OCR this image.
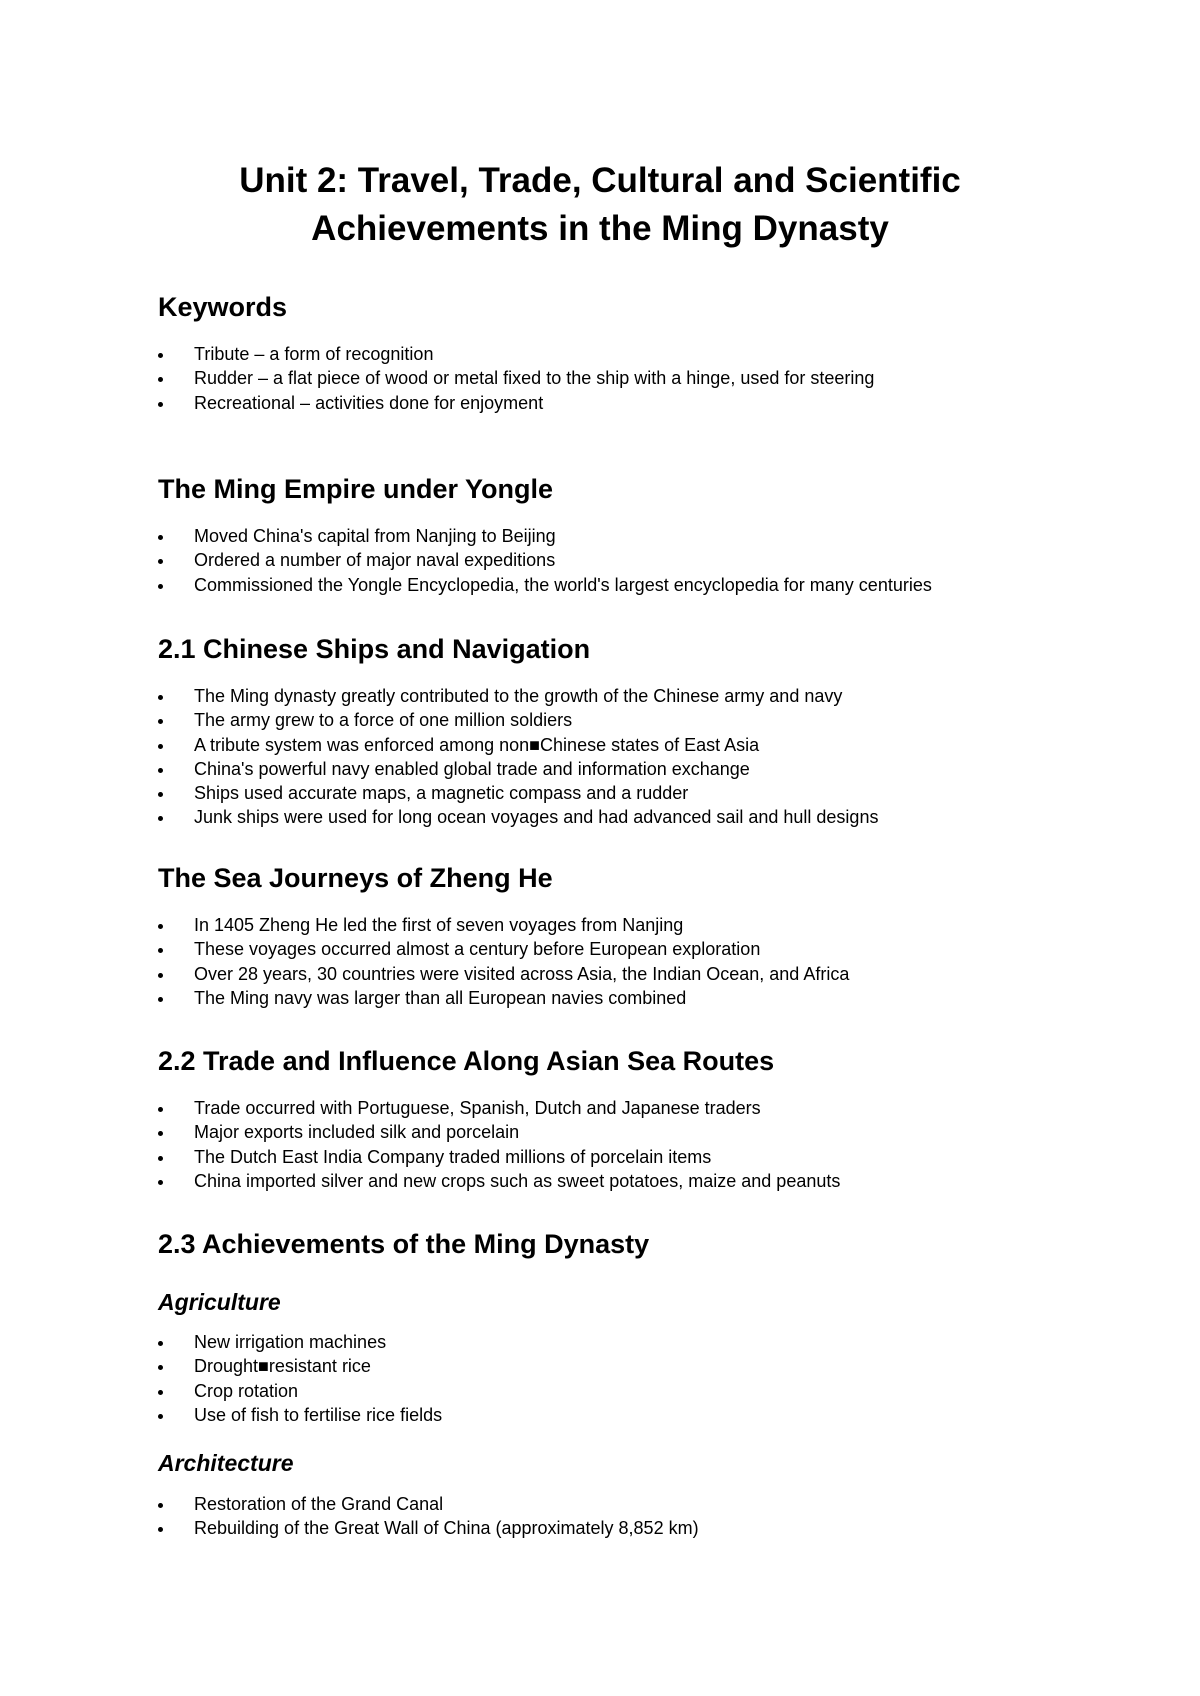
Unit 2: Travel, Trade, Cultural and Scientific
Achievements in the Ming Dynasty
Keywords
Tribute – a form of recognition
Rudder – a flat piece of wood or metal fixed to the ship with a hinge, used for steering
Recreational – activities done for enjoyment
The Ming Empire under Yongle
Moved China's capital from Nanjing to Beijing
Ordered a number of major naval expeditions
Commissioned the Yongle Encyclopedia, the world's largest encyclopedia for many centuries
2.1 Chinese Ships and Navigation
The Ming dynasty greatly contributed to the growth of the Chinese army and navy
The army grew to a force of one million soldiers
A tribute system was enforced among non■Chinese states of East Asia
China's powerful navy enabled global trade and information exchange
Ships used accurate maps, a magnetic compass and a rudder
Junk ships were used for long ocean voyages and had advanced sail and hull designs
The Sea Journeys of Zheng He
In 1405 Zheng He led the first of seven voyages from Nanjing
These voyages occurred almost a century before European exploration
Over 28 years, 30 countries were visited across Asia, the Indian Ocean, and Africa
The Ming navy was larger than all European navies combined
2.2 Trade and Influence Along Asian Sea Routes
Trade occurred with Portuguese, Spanish, Dutch and Japanese traders
Major exports included silk and porcelain
The Dutch East India Company traded millions of porcelain items
China imported silver and new crops such as sweet potatoes, maize and peanuts
2.3 Achievements of the Ming Dynasty
Agriculture
New irrigation machines
Drought■resistant rice
Crop rotation
Use of fish to fertilise rice fields
Architecture
Restoration of the Grand Canal
Rebuilding of the Great Wall of China (approximately 8,852 km)
